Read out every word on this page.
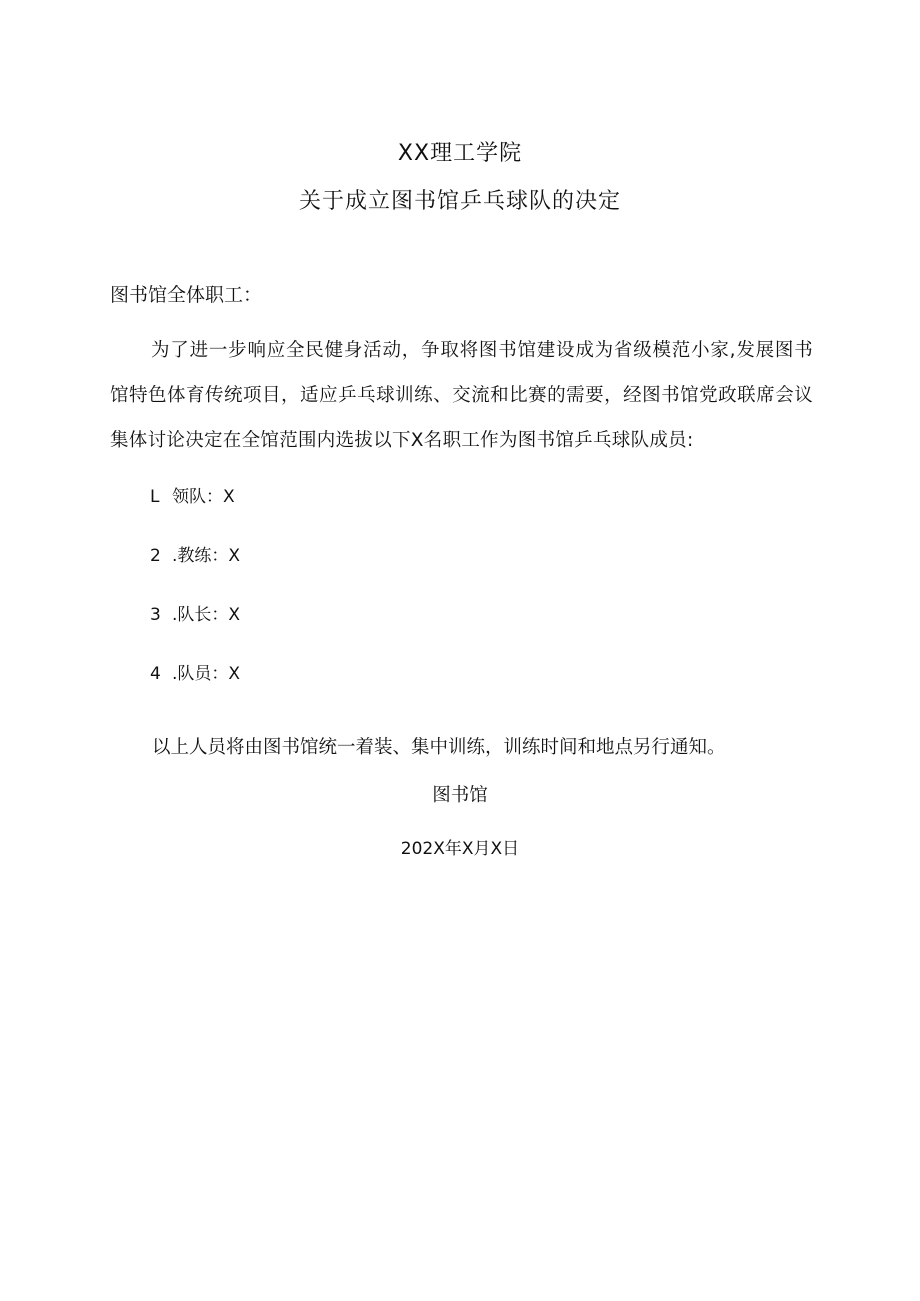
XX理工学院
关于成立图书馆乒乓球队的决定
图书馆全体职工：
为了进一步响应全民健身活动，争取将图书馆建设成为省级模范小家,发展图书馆特色体育传统项目，适应乒乓球训练、交流和比赛的需要，经图书馆党政联席会议集体讨论决定在全馆范围内选拔以下X名职工作为图书馆乒乓球队成员:
L 领队：X
2 .教练：X
3 .队长：X
4 .队员：X
以上人员将由图书馆统一着装、集中训练，训练时间和地点另行通知。
图书馆
202X年X月X日
